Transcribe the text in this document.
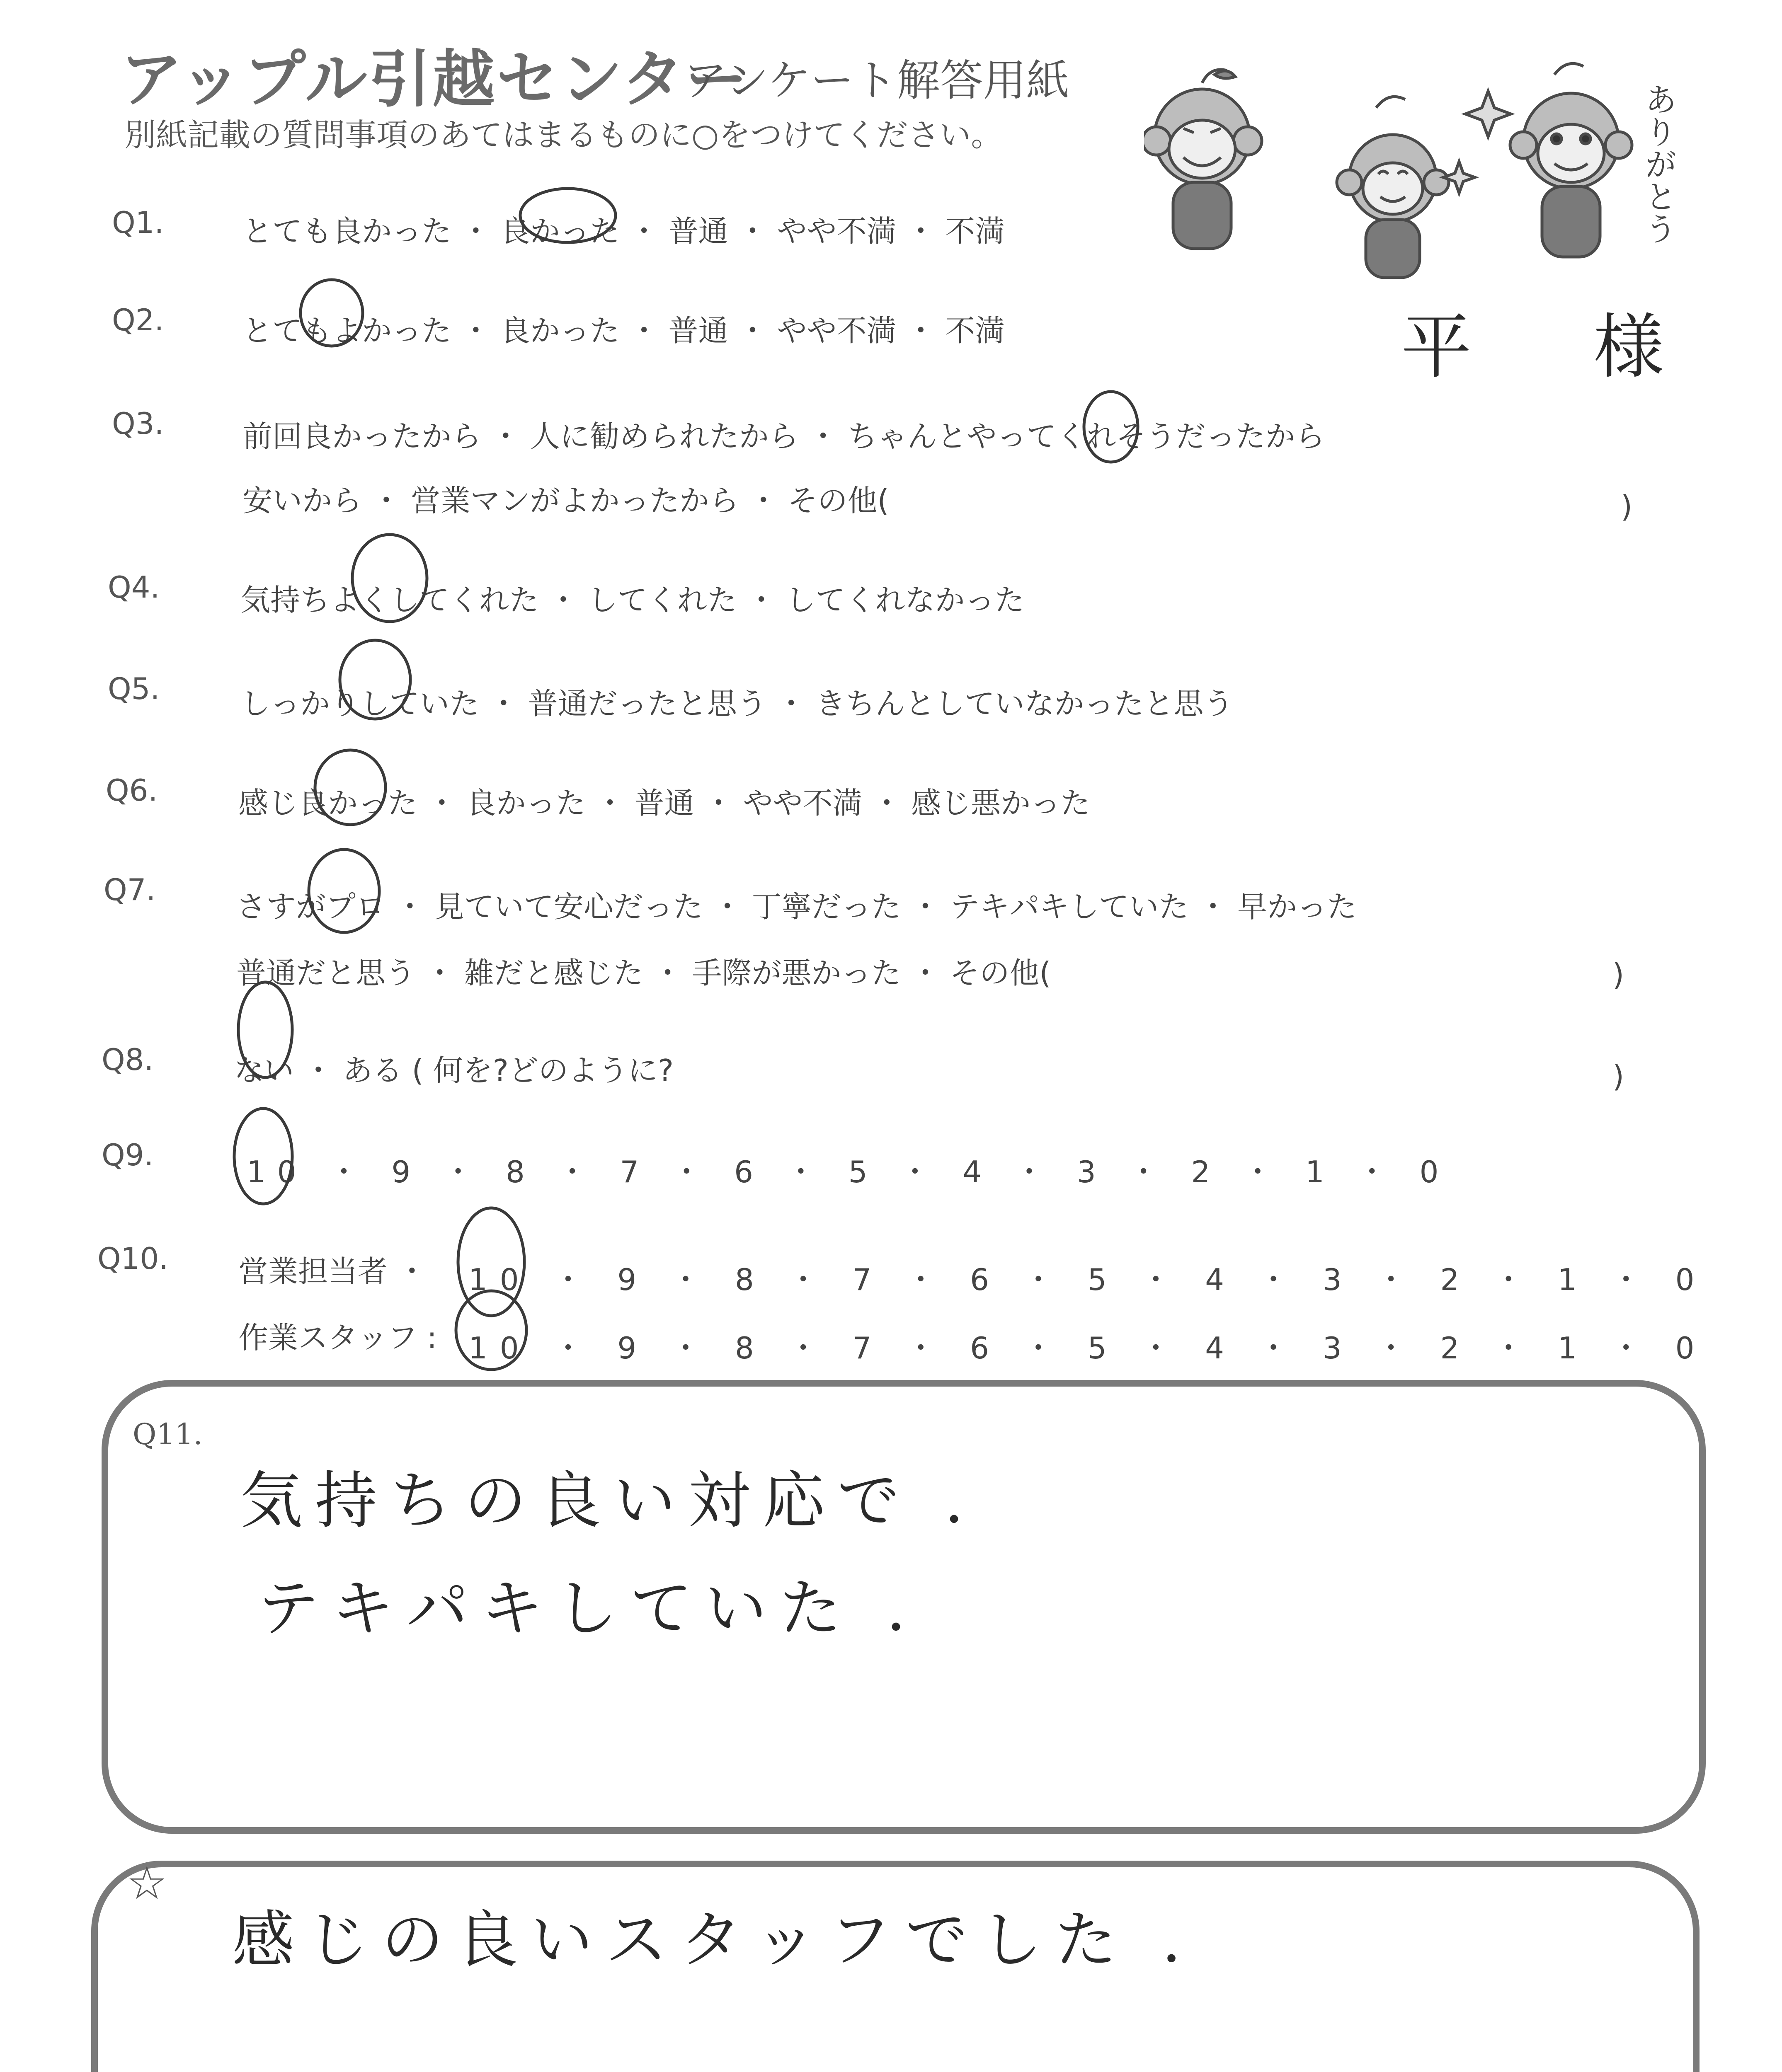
アップル引越センター
アンケート解答用紙
別紙記載の質問事項のあてはまるものに○をつけてください。	ありがとう
平 様
Q1.	とても良かった ・ 良かった ・ 普通 ・ やや不満 ・ 不満
Q2.	とてもよかった ・ 良かった ・ 普通 ・ やや不満 ・ 不満
Q3.	前回良かったから ・ 人に勧められたから ・ ちゃんとやってくれそうだったから
安いから ・ 営業マンがよかったから ・ その他(	)
Q4.	気持ちよくしてくれた ・ してくれた ・ してくれなかった
Q5.	しっかりしていた ・ 普通だったと思う ・ きちんとしていなかったと思う
Q6.	感じ良かった ・ 良かった ・ 普通 ・ やや不満 ・ 感じ悪かった
Q7.	さすがプロ ・ 見ていて安心だった ・ 丁寧だった ・ テキパキしていた ・ 早かった
普通だと思う ・ 雑だと感じた ・ 手際が悪かった ・ その他(	)
Q8.	ない ・ ある ( 何を?どのように?	)
Q9.	10 ・ 9 ・ 8 ・ 7 ・ 6 ・ 5 ・ 4 ・ 3 ・ 2 ・ 1 ・ 0
Q10. 営業担当者 ・ 10 ・ 9 ・ 8 ・ 7 ・ 6 ・ 5 ・ 4 ・ 3 ・ 2 ・ 1 ・ 0
作業スタッフ : 10 ・ 9 ・ 8 ・ 7 ・ 6 ・ 5 ・ 4 ・ 3 ・ 2 ・ 1 ・ 0
Q11.
気持ちの良い対応で .
テキパキしていた .
☆
感じの良いスタッフでした .
